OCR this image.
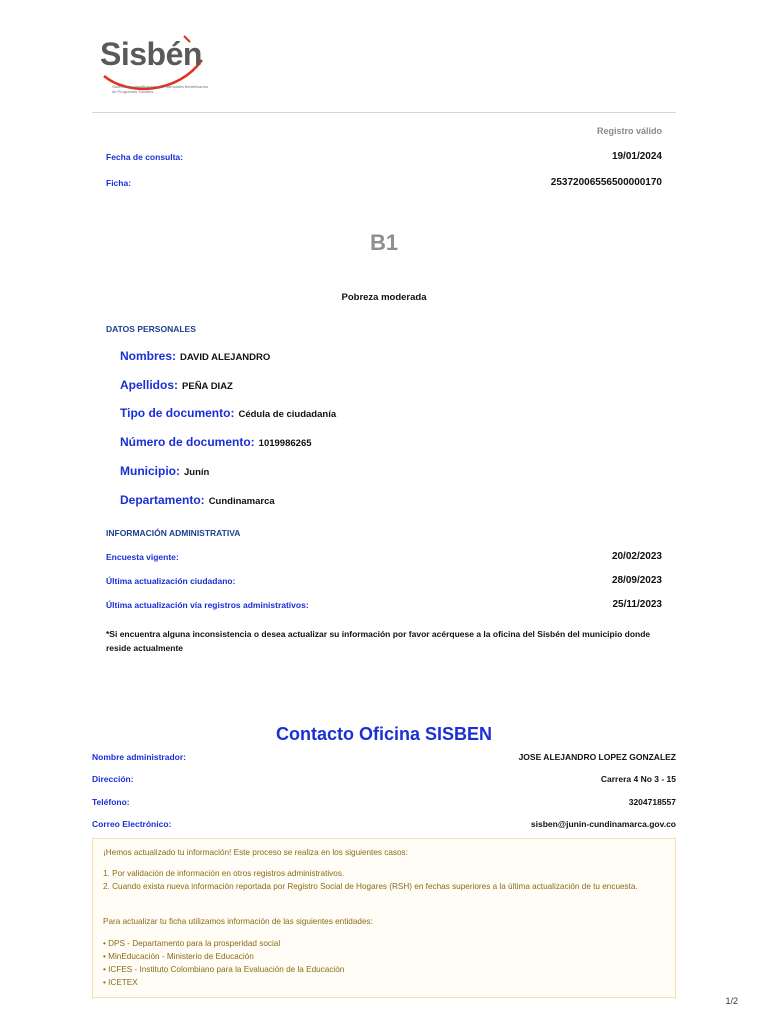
Sisbén
Sistema de Identificación de Potenciales Beneficiarios de Programas Sociales
Registro válido
Fecha de consulta:	19/01/2024
Ficha:	25372006556500000170
B1
Pobreza moderada
DATOS PERSONALES
Nombres: DAVID ALEJANDRO
Apellidos: PEÑA DIAZ
Tipo de documento: Cédula de ciudadanía
Número de documento: 1019986265
Municipio: Junín
Departamento: Cundinamarca
INFORMACIÓN ADMINISTRATIVA
Encuesta vigente:	20/02/2023
Última actualización ciudadano:	28/09/2023
Última actualización vía registros administrativos:	25/11/2023
*Si encuentra alguna inconsistencia o desea actualizar su información por favor acérquese a la oficina del Sisbén del municipio donde reside actualmente
Contacto Oficina SISBEN
Nombre administrador:	JOSE ALEJANDRO LOPEZ GONZALEZ
Dirección:	Carrera 4 No 3 - 15
Teléfono:	3204718557
Correo Electrónico:	sisben@junin-cundinamarca.gov.co
¡Hemos actualizado tu información! Este proceso se realiza en los siguientes casos:
1. Por validación de información en otros registros administrativos.
2. Cuando exista nueva información reportada por Registro Social de Hogares (RSH) en fechas superiores a la última actualización de tu encuesta.
Para actualizar tu ficha utilizamos información de las siguientes entidades:
• DPS - Departamento para la prosperidad social
• MinEducación - Ministerio de Educación
• ICFES - Instituto Colombiano para la Evaluación de la Educación
• ICETEX
1/2
